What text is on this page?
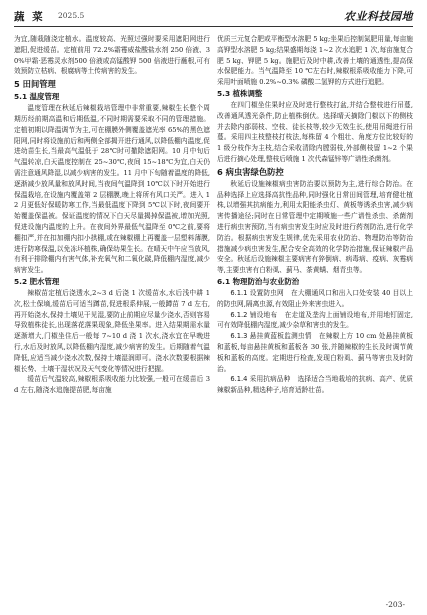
蔬 菜 2025.5	农业科技园地

为宜,随栽随浇定植水。温度较高、光照过强时要采用遮阳网进行遮阳,促进缓苗。定植前用 72.2%霜霉威盐酸盐水剂 250 倍液、30%甲霜·恶霉灵水剂500 倍液或高锰酸钾 500 倍液进行蘸根,可有效预防立枯病、根腐病等土传病害的发生。

5 田间管理
5.1 温度管理

温度管理在秋延后辣椒栽培管理中非常重要,辣椒生长整个周期历经前期高温和后期低温,不同时期需要采取不同的管理措施。定植初期以降温调节为主,可在棚膜外侧覆盖遮光率 65%的黑色遮阳网,同时将设施前后和两侧全部揭开进行通风,以降低棚内温度,促进幼苗生长,当最高气温低于 28℃时可撤除遮阳网。10 月中旬后气温转凉,白天温度控制在 25~30℃,夜间 15~18℃为宜,白天仍需注意通风降湿,以减少病害的发生。11 月中下旬随着温度的降低,逐渐减少放风量和放风时间,当夜间气温降到 10℃以下时开始进行保温栽培,在设施内覆盖第 2 层棚膜,晚上将所有风口关严。进入 12 月更低好保暖防寒工作,当最低温度下降到 5℃以下时,夜间要开始覆盖保温被。保证温度的情况下白天尽量揭掉保温被,增加光照,促进设施内温度的上升。在夜间外界最低气温降至 0℃之前,要将棚扣严,并在扣加棚内扣小拱棚,或在辣椒棚上再覆盖一层塑料薄膜,进行防寒保温,以免冻坏植株,确保幼果生长。在晴天中午应当放风,有利于排除棚内有害气体,补充氧气和二氧化碳,降低棚内湿度,减少病害发生。

5.2 肥水管理

辣椒苗定植后浇透水,2~3 d 后浇 1 次缓苗水,水后浅中耕 1 次,松土保墒,缓苗后可适当蹲苗,促进根系伸展,一般蹲苗 7 d 左右,再开始浇水,保持土壤见干见湿,要防止前期应尽量少浇水,否则容易导致植株徒长,出现落花落果现象,降低坐果率。进入结果期需水量逐渐增大,门椒坐住后一般每 7~10 d 浇 1 次水,浇水宜在早晚进行,水后及时放风,以降低棚内湿度,减少病害的发生。后期随着气温降低,应适当减少浇水次数,保持土壤湿润即可。浇水次数要根据辣椒长势、土壤干湿状况及天气变化等情况进行把握。

缓苗后气温较高,辣椒根系吸收能力比较强,一般可在缓苗后 3 d 左右,随浇水追施提苗肥,每亩施

优质三元复合肥或平衡型水溶肥 5 kg;坐果后控制氮肥用量,每亩施高钾型水溶肥 5 kg;结果盛期每浇 1~2 次水追肥 1 次,每亩施复合肥 5 kg、钾肥 5 kg。施肥后及时中耕,改善土壤的通透性,提高保水保肥能力。当气温降至 10 ℃左右时,辣椒根系吸收能力下降,可采用叶面喷施 0.2%~0.3% 磷酸二氢钾的方式进行追肥。

5.3 植株调整

在四门椒坐住果时应及时进行整枝打盆,并结合整枝进行吊蔓,改善通风透光条件,防止植株倒伏。选择晴天摘除门椒以下的侧枝并去除内部弱枝、空枝、徒长枝等,较少无效生长,使用吊绳进行吊蔓。采用四主枝整枝打枝法,每株留 4 个粗壮、角度方位比较好的 1 级分枝作为主枝,结合采收清除内膛弱枝,外部侧枝留 1~2 个果后进行摘心处理,整枝后喷施 1 次代森锰锌等广谱性杀菌剂。

6 病虫害绿色防控

秋延后设施辣椒病虫害防治要以预防为主,进行综合防治。在品种选择上应选择高抗性品种,同时强化日常田间管理,培育健壮植株,以增强其抗病能力,利用太阳能杀虫灯、黄板等诱杀虫害,减少病害传播途径;同时在日常管理中定期喷施一些广谱性杀虫、杀菌剂进行病虫害预防,当有病虫害发生时应及时进行药剂防治,进行化学防治。根据病虫害发生规律,优先采用农业防治、物理防治等防治措施减少病虫害发生,配合安全高效的化学防治措施,保证辣椒产品安全。秋延后设施辣椒主要病害有猝倒病、病毒病、疫病、灰霉病等,主要虫害有白粉虱、蓟马、茶黄螨、烟青虫等。

6.1 物理防治与农业防治

6.1.1 设置防虫网 在大棚通风口和出入口处安装 40 目以上的防虫网,隔离虫源,有效阻止外来害虫进入。

6.1.2 铺设地布 在走道及垄沟上面铺设地布,并用地钉固定,可有效降低棚内湿度,减少杂草和害虫的发生。

6.1.3 悬挂黄蓝板监测虫情 在辣椒上方 10 cm 处悬挂黄板和蓝板,每亩悬挂黄板和蓝板各 30 张,并随辣椒的生长及时调节黄板和蓝板的高度。定期进行检查,发现白粉虱、蓟马等害虫及时防治。

6.1.4 采用抗病品种 选择适合当地栽培的抗病、高产、优质辣椒新品种,精选种子,培育适龄壮苗。

-203-
